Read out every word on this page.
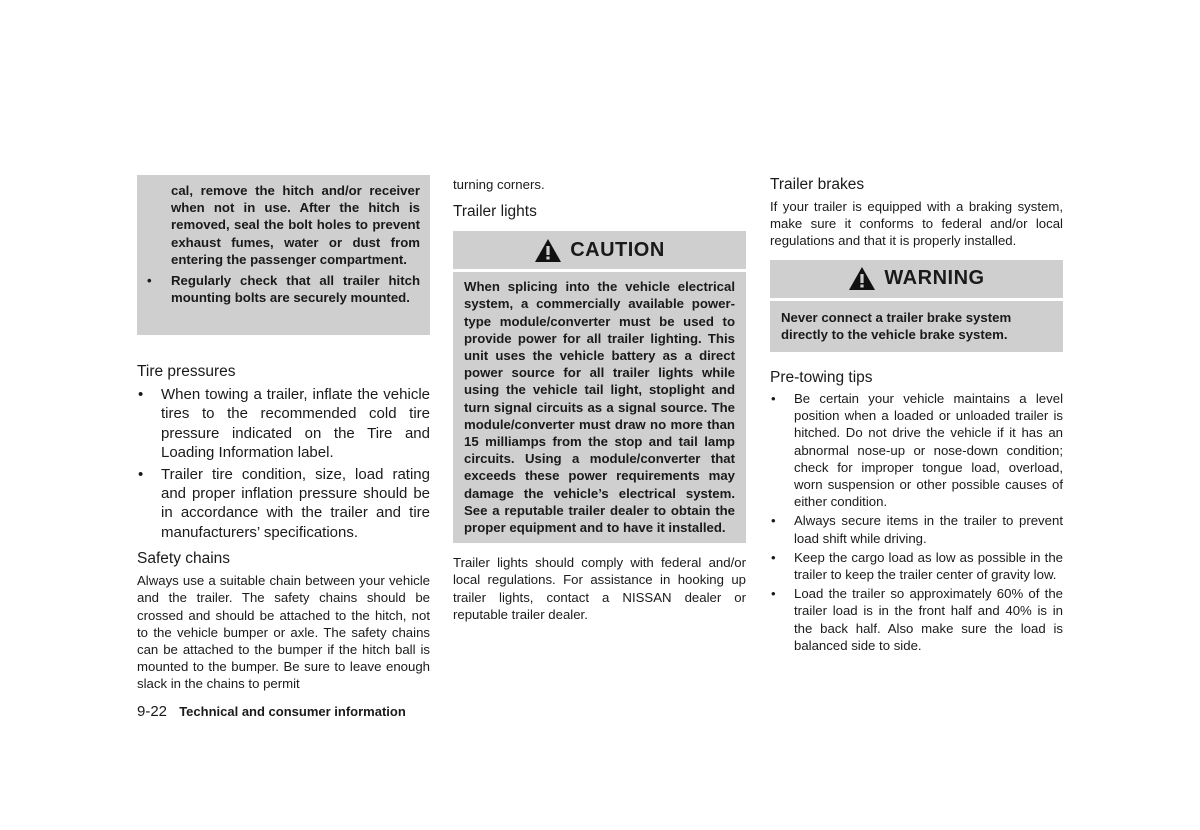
cal, remove the hitch and/or receiver when not in use. After the hitch is removed, seal the bolt holes to prevent exhaust fumes, water or dust from entering the passenger compartment.
• Regularly check that all trailer hitch mounting bolts are securely mounted.
Tire pressures
• When towing a trailer, inflate the vehicle tires to the recommended cold tire pressure indicated on the Tire and Loading Information label.
• Trailer tire condition, size, load rating and proper inflation pressure should be in accordance with the trailer and tire manufacturers’ specifications.
Safety chains

Always use a suitable chain between your vehicle and the trailer. The safety chains should be crossed and should be attached to the hitch, not to the vehicle bumper or axle. The safety chains can be attached to the bumper if the hitch ball is mounted to the bumper. Be sure to leave enough slack in the chains to permit

turning corners.

Trailer lights
CAUTION
When splicing into the vehicle electrical system, a commercially available power-type module/converter must be used to provide power for all trailer lighting. This unit uses the vehicle battery as a direct power source for all trailer lights while using the vehicle tail light, stoplight and turn signal circuits as a signal source. The module/converter must draw no more than 15 milliamps from the stop and tail lamp circuits. Using a module/converter that exceeds these power requirements may damage the vehicle’s electrical system. See a reputable trailer dealer to obtain the proper equipment and to have it installed.

Trailer lights should comply with federal and/or local regulations. For assistance in hooking up trailer lights, contact a NISSAN dealer or reputable trailer dealer.

Trailer brakes

If your trailer is equipped with a braking system, make sure it conforms to federal and/or local regulations and that it is properly installed.

WARNING
Never connect a trailer brake system directly to the vehicle brake system.
Pre-towing tips
• Be certain your vehicle maintains a level position when a loaded or unloaded trailer is hitched. Do not drive the vehicle if it has an abnormal nose-up or nose-down condition; check for improper tongue load, overload, worn suspension or other possible causes of either condition.
• Always secure items in the trailer to prevent load shift while driving.
• Keep the cargo load as low as possible in the trailer to keep the trailer center of gravity low.
• Load the trailer so approximately 60% of the trailer load is in the front half and 40% is in the back half. Also make sure the load is balanced side to side.
9-22 Technical and consumer information
